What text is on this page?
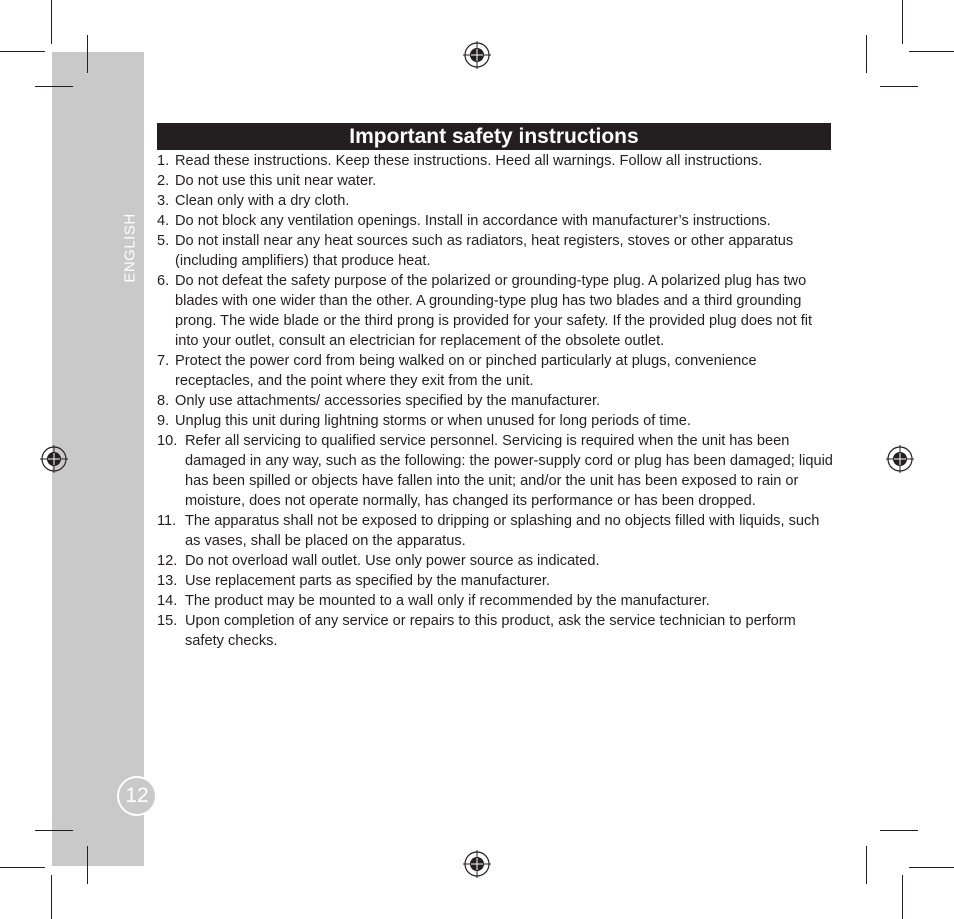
ENGLISH
12
Important safety instructions
1. Read these instructions. Keep these instructions. Heed all warnings. Follow all instructions.
2. Do not use this unit near water.
3. Clean only with a dry cloth.
4. Do not block any ventilation openings. Install in accordance with manufacturer’s instructions.
5. Do not install near any heat sources such as radiators, heat registers, stoves or other apparatus (including amplifiers) that produce heat.
6. Do not defeat the safety purpose of the polarized or grounding-type plug. A polarized plug has two blades with one wider than the other. A grounding-type plug has two blades and a third grounding prong. The wide blade or the third prong is provided for your safety. If the provided plug does not fit into your outlet, consult an electrician for replacement of the obsolete outlet.
7. Protect the power cord from being walked on or pinched particularly at plugs, convenience receptacles, and the point where they exit from the unit.
8. Only use attachments/ accessories specified by the manufacturer.
9. Unplug this unit during lightning storms or when unused for long periods of time.
10. Refer all servicing to qualified service personnel. Servicing is required when the unit has been damaged in any way, such as the following: the power-supply cord or plug has been damaged; liquid has been spilled or objects have fallen into the unit; and/or the unit has been exposed to rain or moisture, does not operate normally, has changed its performance or has been dropped.
11. The apparatus shall not be exposed to dripping or splashing and no objects filled with liquids, such as vases, shall be placed on the apparatus.
12. Do not overload wall outlet. Use only power source as indicated.
13. Use replacement parts as specified by the manufacturer.
14. The product may be mounted to a wall only if recommended by the manufacturer.
15. Upon completion of any service or repairs to this product, ask the service technician to perform safety checks.
